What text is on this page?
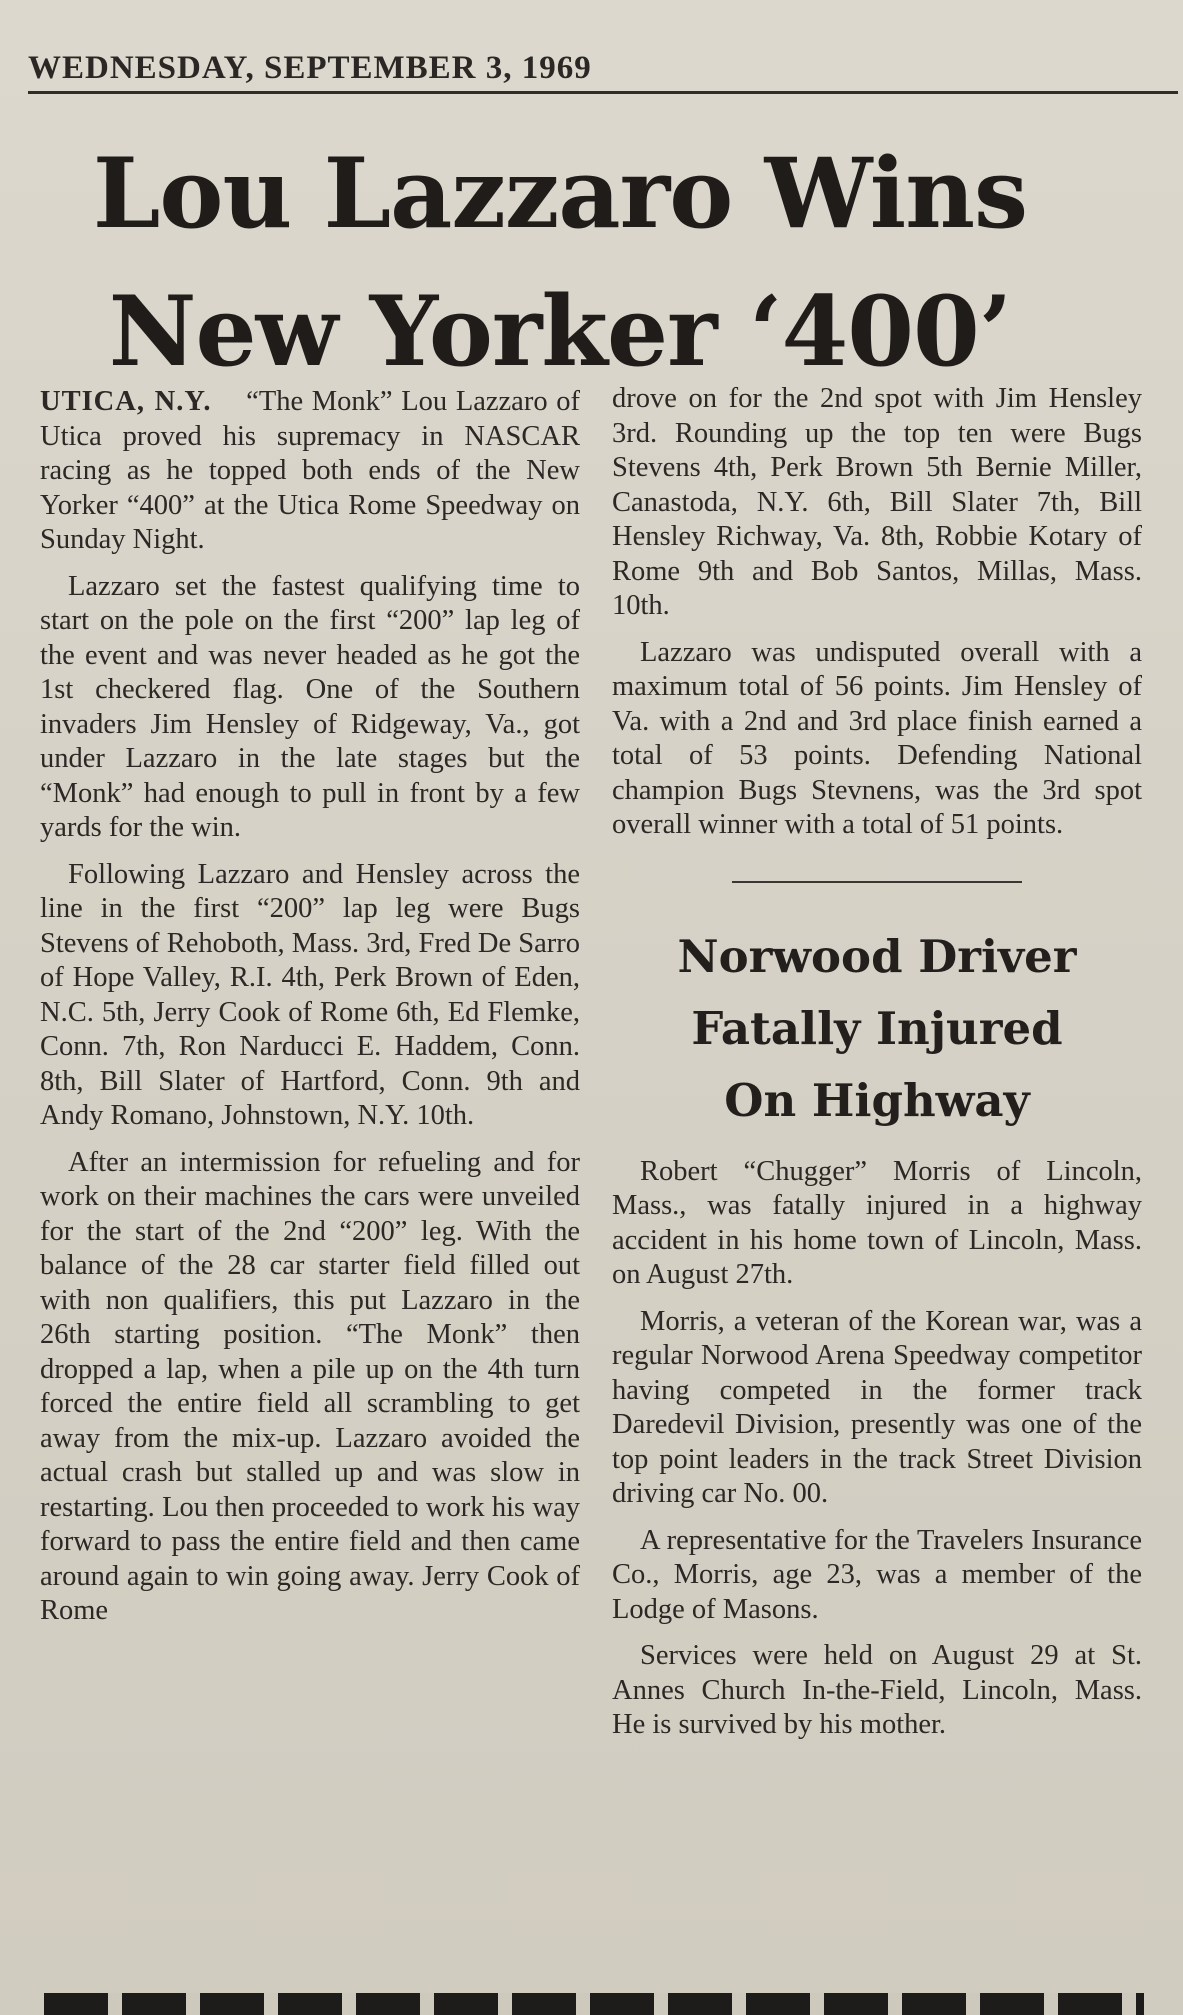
WEDNESDAY, SEPTEMBER 3, 1969
Lou Lazzaro Wins
New Yorker ‘400’

UTICA, N.Y. “The Monk” Lou Lazzaro of Utica proved his supremacy in NASCAR racing as he topped both ends of the New Yorker “400” at the Utica Rome Speedway on Sunday Night.

Lazzaro set the fastest qualifying time to start on the pole on the first “200” lap leg of the event and was never headed as he got the 1st checkered flag. One of the Southern invaders Jim Hensley of Ridgeway, Va., got under Lazzaro in the late stages but the “Monk” had enough to pull in front by a few yards for the win.

Following Lazzaro and Hensley across the line in the first “200” lap leg were Bugs Stevens of Rehoboth, Mass. 3rd, Fred De Sarro of Hope Valley, R.I. 4th, Perk Brown of Eden, N.C. 5th, Jerry Cook of Rome 6th, Ed Flemke, Conn. 7th, Ron Narducci E. Haddem, Conn. 8th, Bill Slater of Hartford, Conn. 9th and Andy Romano, Johnstown, N.Y. 10th.

After an intermission for refueling and for work on their machines the cars were unveiled for the start of the 2nd “200” leg. With the balance of the 28 car starter field filled out with non qualifiers, this put Lazzaro in the 26th starting position. “The Monk” then dropped a lap, when a pile up on the 4th turn forced the entire field all scrambling to get away from the mix-up. Lazzaro avoided the actual crash but stalled up and was slow in restarting. Lou then proceeded to work his way forward to pass the entire field and then came around again to win going away. Jerry Cook of Rome

drove on for the 2nd spot with Jim Hensley 3rd. Rounding up the top ten were Bugs Stevens 4th, Perk Brown 5th Bernie Miller, Canastoda, N.Y. 6th, Bill Slater 7th, Bill Hensley Richway, Va. 8th, Robbie Kotary of Rome 9th and Bob Santos, Millas, Mass. 10th.

Lazzaro was undisputed overall with a maximum total of 56 points. Jim Hensley of Va. with a 2nd and 3rd place finish earned a total of 53 points. Defending National champion Bugs Stevnens, was the 3rd spot overall winner with a total of 51 points.

Norwood Driver
Fatally Injured
On Highway

Robert “Chugger” Morris of Lincoln, Mass., was fatally injured in a highway accident in his home town of Lincoln, Mass. on August 27th.

Morris, a veteran of the Korean war, was a regular Norwood Arena Speedway competitor having competed in the former track Daredevil Division, presently was one of the top point leaders in the track Street Division driving car No. 00.

A representative for the Travelers Insurance Co., Morris, age 23, was a member of the Lodge of Masons.

Services were held on August 29 at St. Annes Church In-the-Field, Lincoln, Mass. He is survived by his mother.
